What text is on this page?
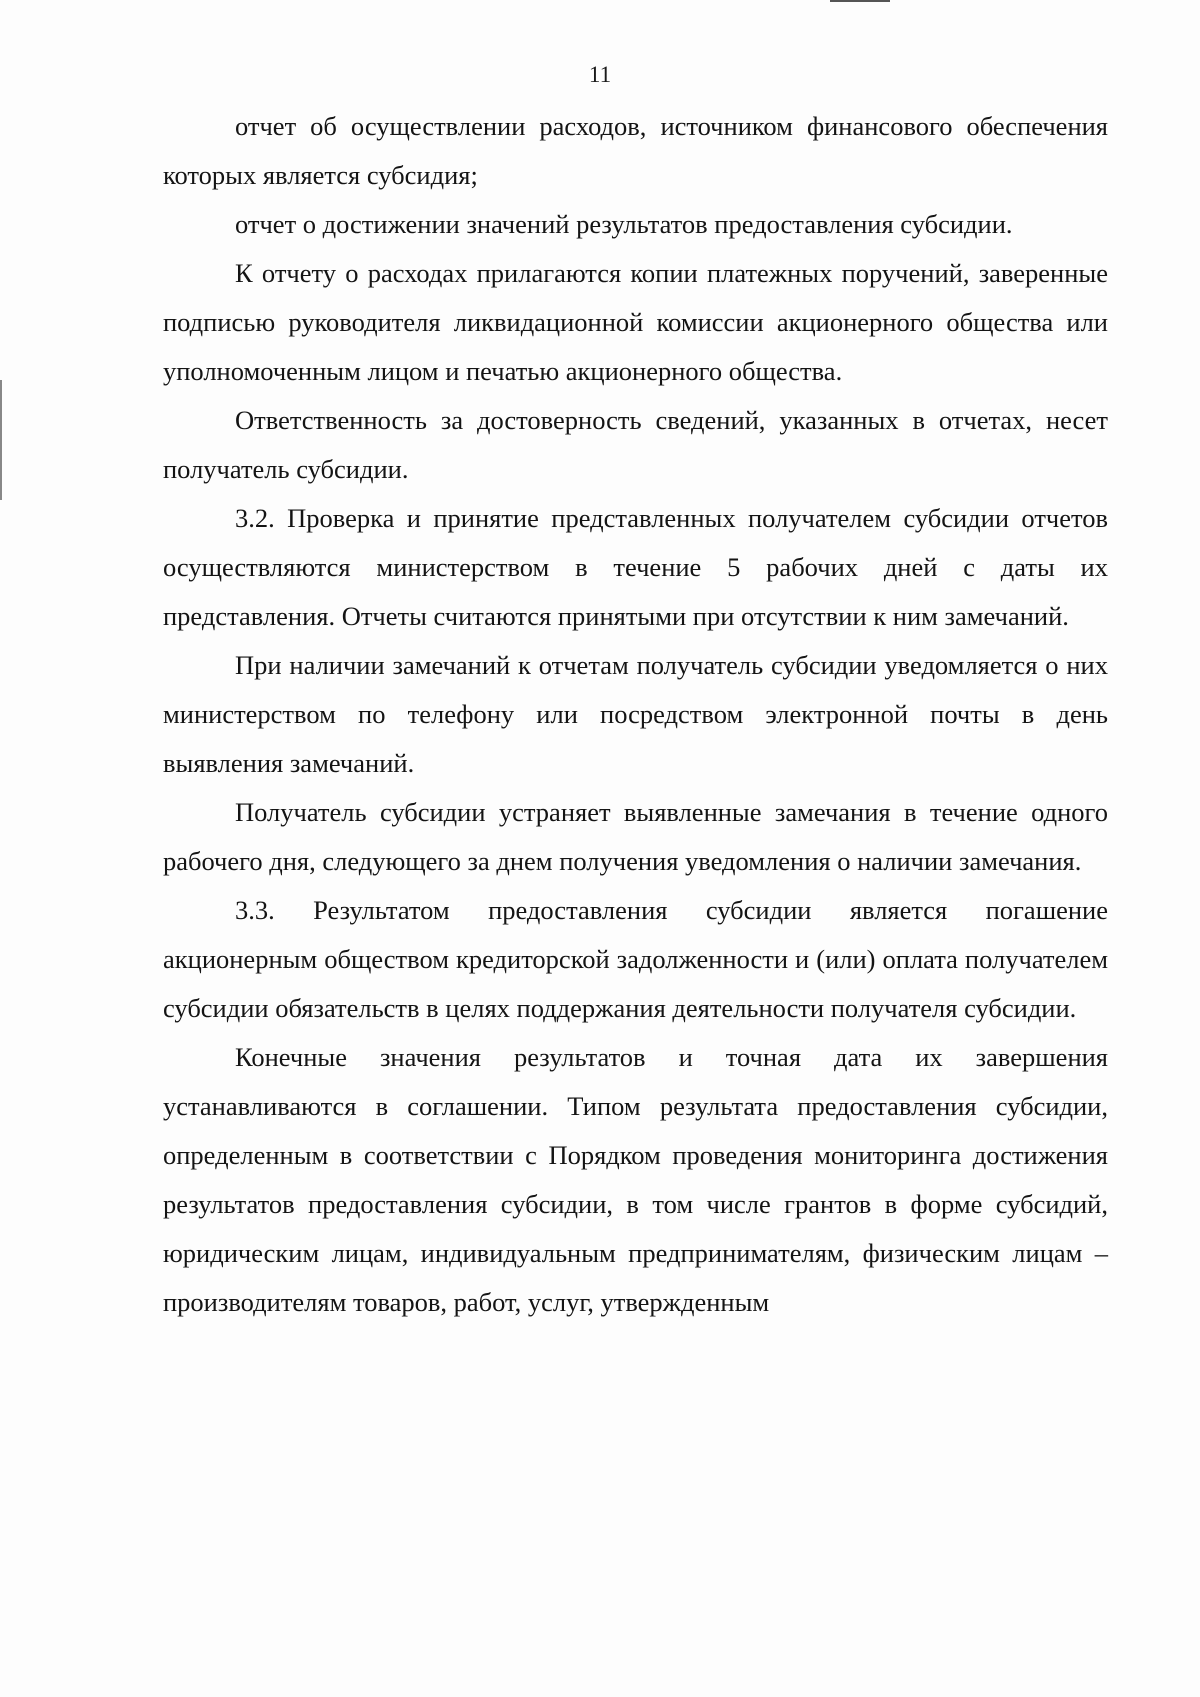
11

отчет об осуществлении расходов, источником финансового обеспечения которых является субсидия;

отчет о достижении значений результатов предоставления субсидии.

К отчету о расходах прилагаются копии платежных поручений, заверенные подписью руководителя ликвидационной комиссии акционерного общества или уполномоченным лицом и печатью акционерного общества.

Ответственность за достоверность сведений, указанных в отчетах, несет получатель субсидии.

3.2. Проверка и принятие представленных получателем субсидии отчетов осуществляются министерством в течение 5 рабочих дней с даты их представления. Отчеты считаются принятыми при отсутствии к ним замечаний.

При наличии замечаний к отчетам получатель субсидии уведомляется о них министерством по телефону или посредством электронной почты в день выявления замечаний.

Получатель субсидии устраняет выявленные замечания в течение одного рабочего дня, следующего за днем получения уведомления о наличии замечания.

3.3. Результатом предоставления субсидии является погашение акционерным обществом кредиторской задолженности и (или) оплата получателем субсидии обязательств в целях поддержания деятельности получателя субсидии.

Конечные значения результатов и точная дата их завершения устанавливаются в соглашении. Типом результата предоставления субсидии, определенным в соответствии с Порядком проведения мониторинга достижения результатов предоставления субсидии, в том числе грантов в форме субсидий, юридическим лицам, индивидуальным предпринимателям, физическим лицам – производителям товаров, работ, услуг, утвержденным
